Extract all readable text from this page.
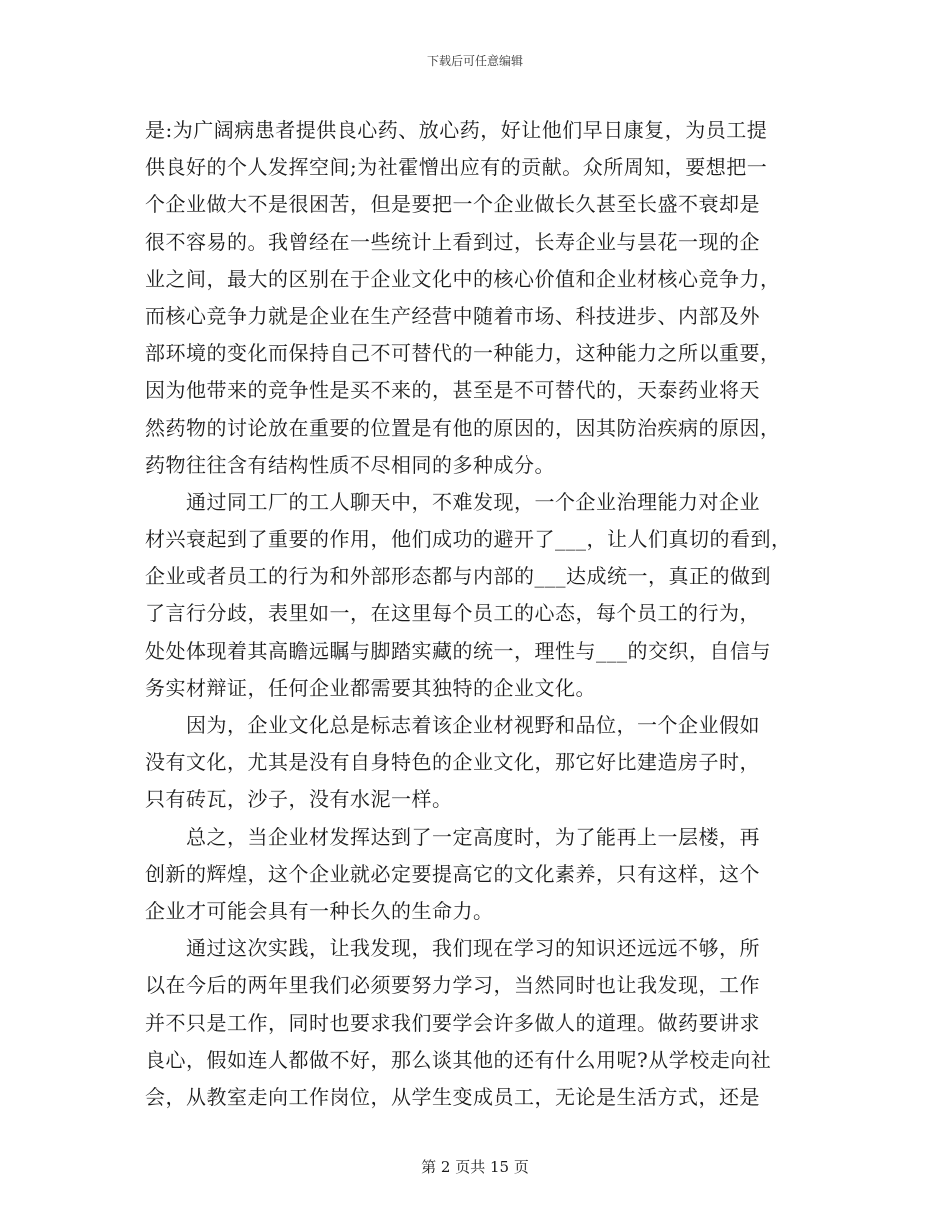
下载后可任意编辑
是:为广阔病患者提供良心药、放心药，好让他们早日康复，为员工提
供良好的个人发挥空间;为社霍憎出应有的贡献。众所周知，要想把一
个企业做大不是很困苦，但是要把一个企业做长久甚至长盛不衰却是
很不容易的。我曾经在一些统计上看到过，长寿企业与昙花一现的企
业之间，最大的区别在于企业文化中的核心价值和企业材核心竞争力，
而核心竞争力就是企业在生产经营中随着市场、科技进步、内部及外
部环境的变化而保持自己不可替代的一种能力，这种能力之所以重要，
因为他带来的竞争性是买不来的，甚至是不可替代的，天泰药业将天
然药物的讨论放在重要的位置是有他的原因的，因其防治疾病的原因，
药物往往含有结构性质不尽相同的多种成分。
　　通过同工厂的工人聊天中，不难发现，一个企业治理能力对企业
材兴衰起到了重要的作用，他们成功的避开了___，让人们真切的看到，
企业或者员工的行为和外部形态都与内部的___达成统一，真正的做到
了言行分歧，表里如一，在这里每个员工的心态，每个员工的行为，
处处体现着其高瞻远瞩与脚踏实藏的统一，理性与___的交织，自信与
务实材辩证，任何企业都需要其独特的企业文化。
　　因为，企业文化总是标志着该企业材视野和品位，一个企业假如
没有文化，尤其是没有自身特色的企业文化，那它好比建造房子时，
只有砖瓦，沙子，没有水泥一样。
　　总之，当企业材发挥达到了一定高度时，为了能再上一层楼，再
创新的辉煌，这个企业就必定要提高它的文化素养，只有这样，这个
企业才可能会具有一种长久的生命力。
　　通过这次实践，让我发现，我们现在学习的知识还远远不够，所
以在今后的两年里我们必须要努力学习，当然同时也让我发现，工作
并不只是工作，同时也要求我们要学会许多做人的道理。做药要讲求
良心，假如连人都做不好，那么谈其他的还有什么用呢?从学校走向社
会，从教室走向工作岗位，从学生变成员工，无论是生活方式，还是
第 2 页共 15 页
